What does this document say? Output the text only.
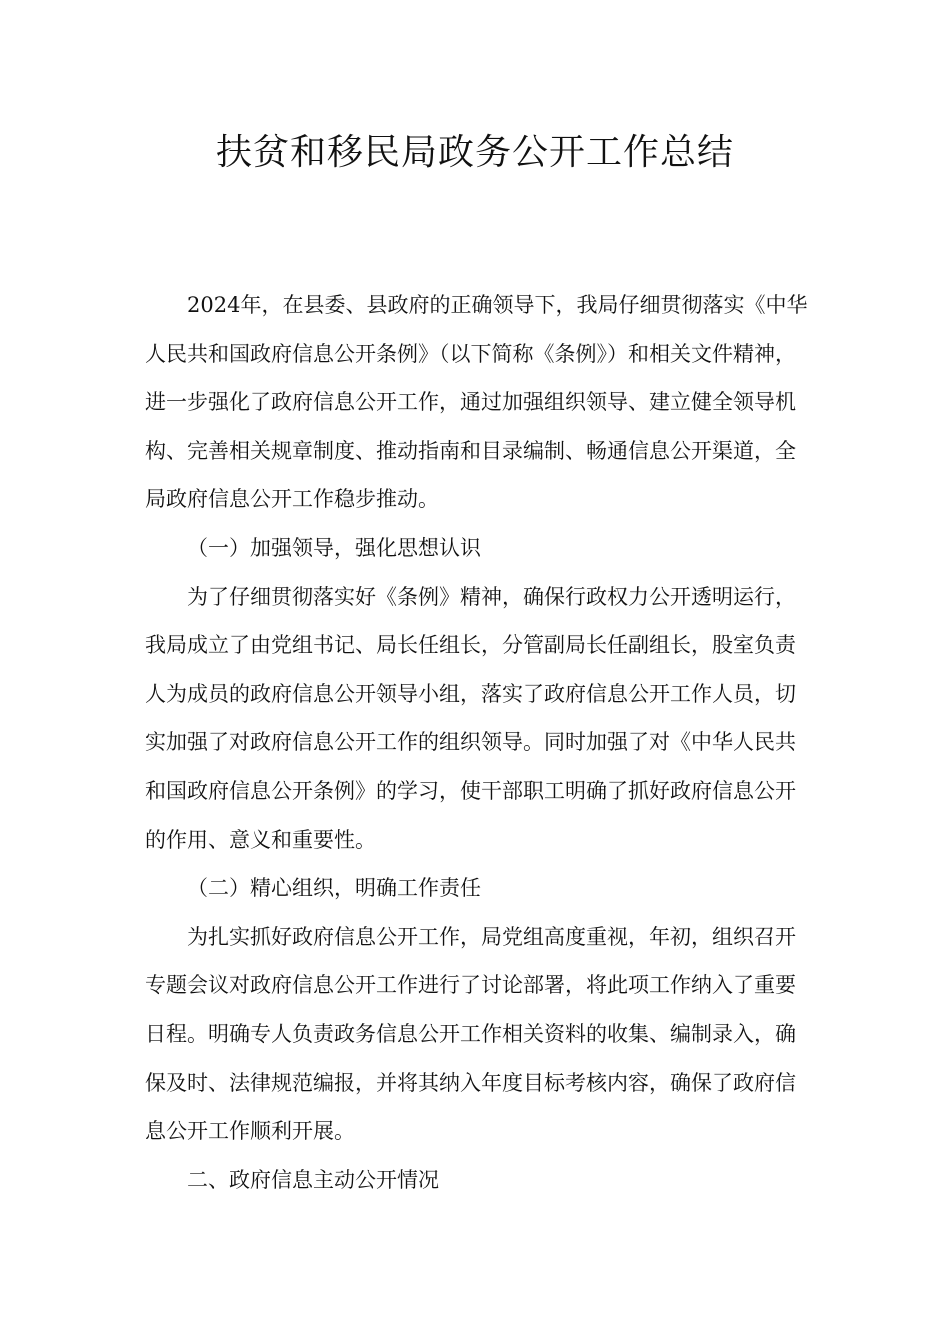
扶贫和移民局政务公开工作总结

2024年，在县委、县政府的正确领导下，我局仔细贯彻落实《中华人民共和国政府信息公开条例》（以下简称《条例》）和相关文件精神，进一步强化了政府信息公开工作，通过加强组织领导、建立健全领导机构、完善相关规章制度、推动指南和目录编制、畅通信息公开渠道，全局政府信息公开工作稳步推动。

（一）加强领导，强化思想认识

为了仔细贯彻落实好《条例》精神，确保行政权力公开透明运行，我局成立了由党组书记、局长任组长，分管副局长任副组长，股室负责人为成员的政府信息公开领导小组，落实了政府信息公开工作人员，切实加强了对政府信息公开工作的组织领导。同时加强了对《中华人民共和国政府信息公开条例》的学习，使干部职工明确了抓好政府信息公开的作用、意义和重要性。

（二）精心组织，明确工作责任

为扎实抓好政府信息公开工作，局党组高度重视，年初，组织召开专题会议对政府信息公开工作进行了讨论部署，将此项工作纳入了重要日程。明确专人负责政务信息公开工作相关资料的收集、编制录入，确保及时、法律规范编报，并将其纳入年度目标考核内容，确保了政府信息公开工作顺利开展。

二、政府信息主动公开情况
